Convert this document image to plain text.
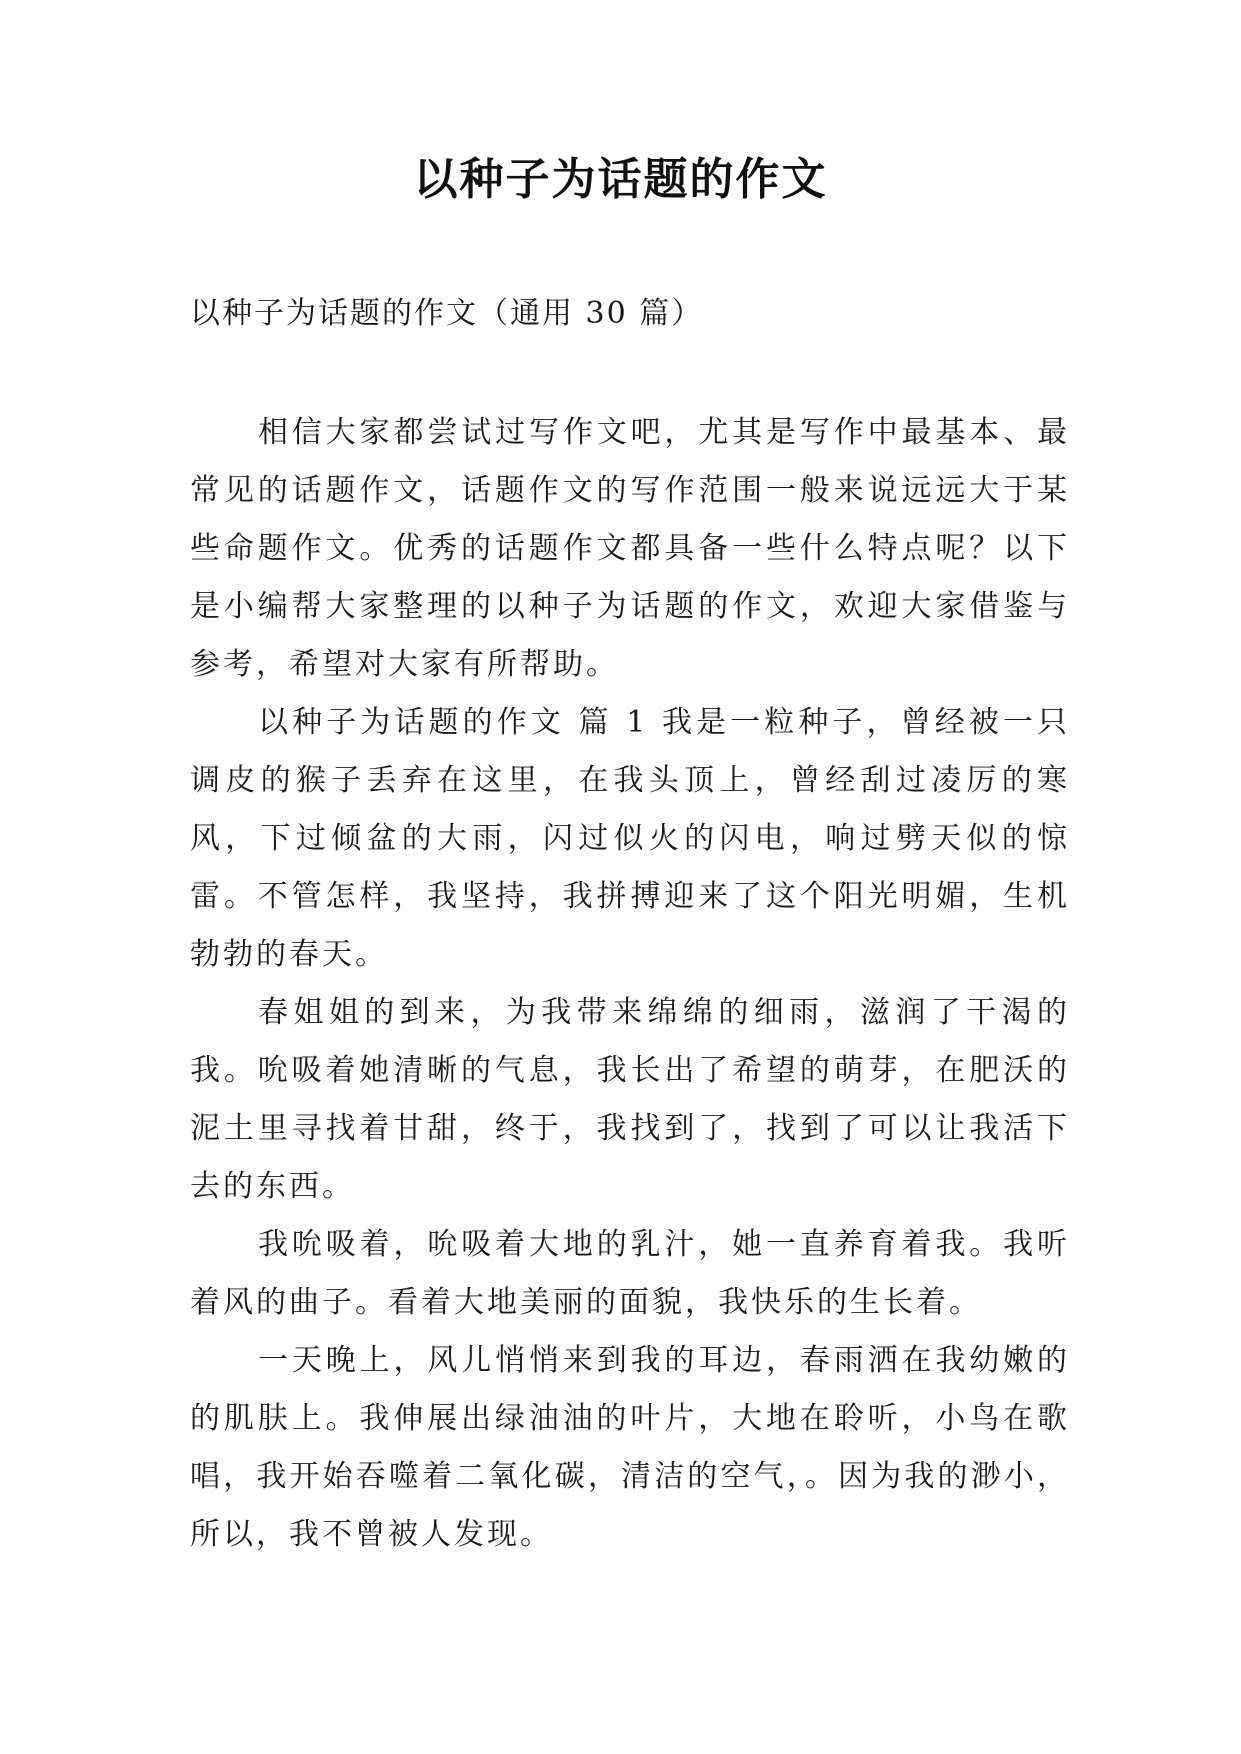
以种子为话题的作文
以种子为话题的作文（通用 30 篇）

相信大家都尝试过写作文吧，尤其是写作中最基本、最常见的话题作文，话题作文的写作范围一般来说远远大于某些命题作文。优秀的话题作文都具备一些什么特点呢？以下是小编帮大家整理的以种子为话题的作文，欢迎大家借鉴与参考，希望对大家有所帮助。

以种子为话题的作文 篇 1 我是一粒种子，曾经被一只调皮的猴子丢弃在这里，在我头顶上，曾经刮过凌厉的寒风，下过倾盆的大雨，闪过似火的闪电，响过劈天似的惊雷。不管怎样，我坚持，我拼搏迎来了这个阳光明媚，生机勃勃的春天。

春姐姐的到来，为我带来绵绵的细雨，滋润了干渴的我。吮吸着她清晰的气息，我长出了希望的萌芽，在肥沃的泥土里寻找着甘甜，终于，我找到了，找到了可以让我活下去的东西。

我吮吸着，吮吸着大地的乳汁，她一直养育着我。我听着风的曲子。看着大地美丽的面貌，我快乐的生长着。

一天晚上，风儿悄悄来到我的耳边，春雨洒在我幼嫩的的肌肤上。我伸展出绿油油的叶片，大地在聆听，小鸟在歌唱，我开始吞噬着二氧化碳，清洁的空气，。因为我的渺小，所以，我不曾被人发现。
